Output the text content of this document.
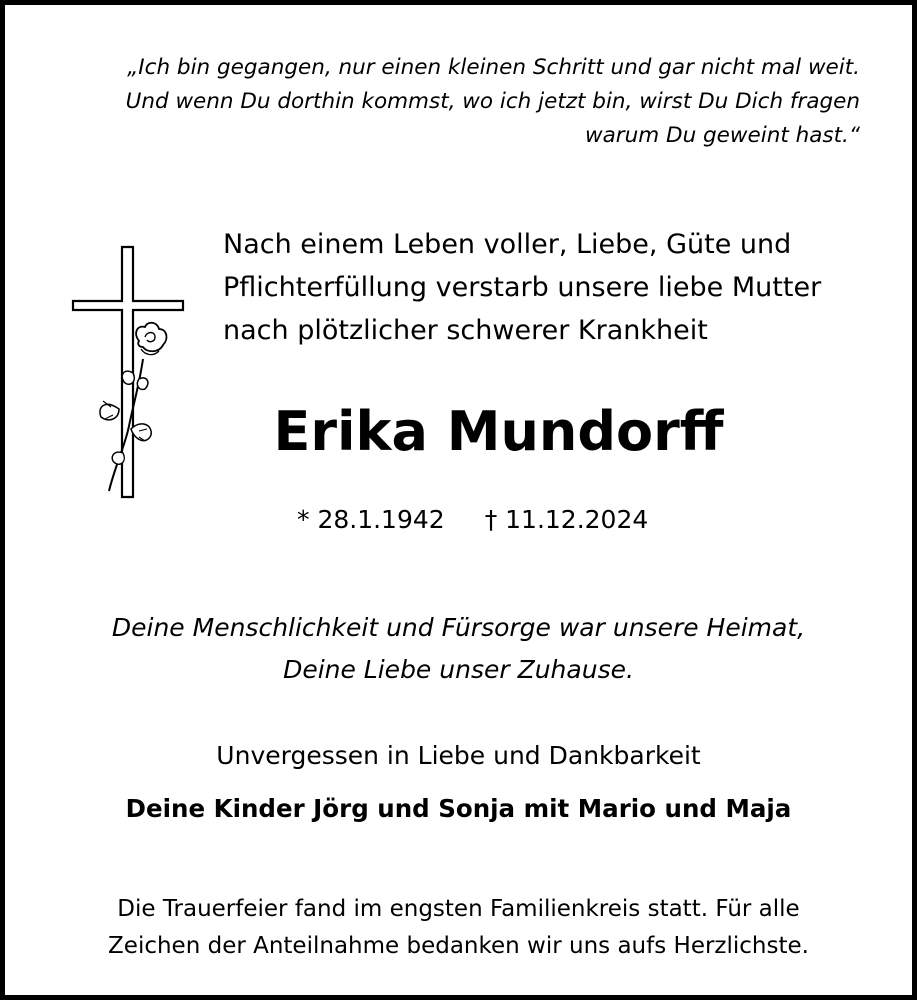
„Ich bin gegangen, nur einen kleinen Schritt und gar nicht mal weit.
Und wenn Du dorthin kommst, wo ich jetzt bin, wirst Du Dich fragen
warum Du geweint hast.“
Nach einem Leben voller, Liebe, Güte und
Pflichterfüllung verstarb unsere liebe Mutter
nach plötzlicher schwerer Krankheit
Erika Mundorff
* 28.1.1942 † 11.12.2024
Deine Menschlichkeit und Fürsorge war unsere Heimat,
Deine Liebe unser Zuhause.
Unvergessen in Liebe und Dankbarkeit
Deine Kinder Jörg und Sonja mit Mario und Maja
Die Trauerfeier fand im engsten Familienkreis statt. Für alle
Zeichen der Anteilnahme bedanken wir uns aufs Herzlichste.
